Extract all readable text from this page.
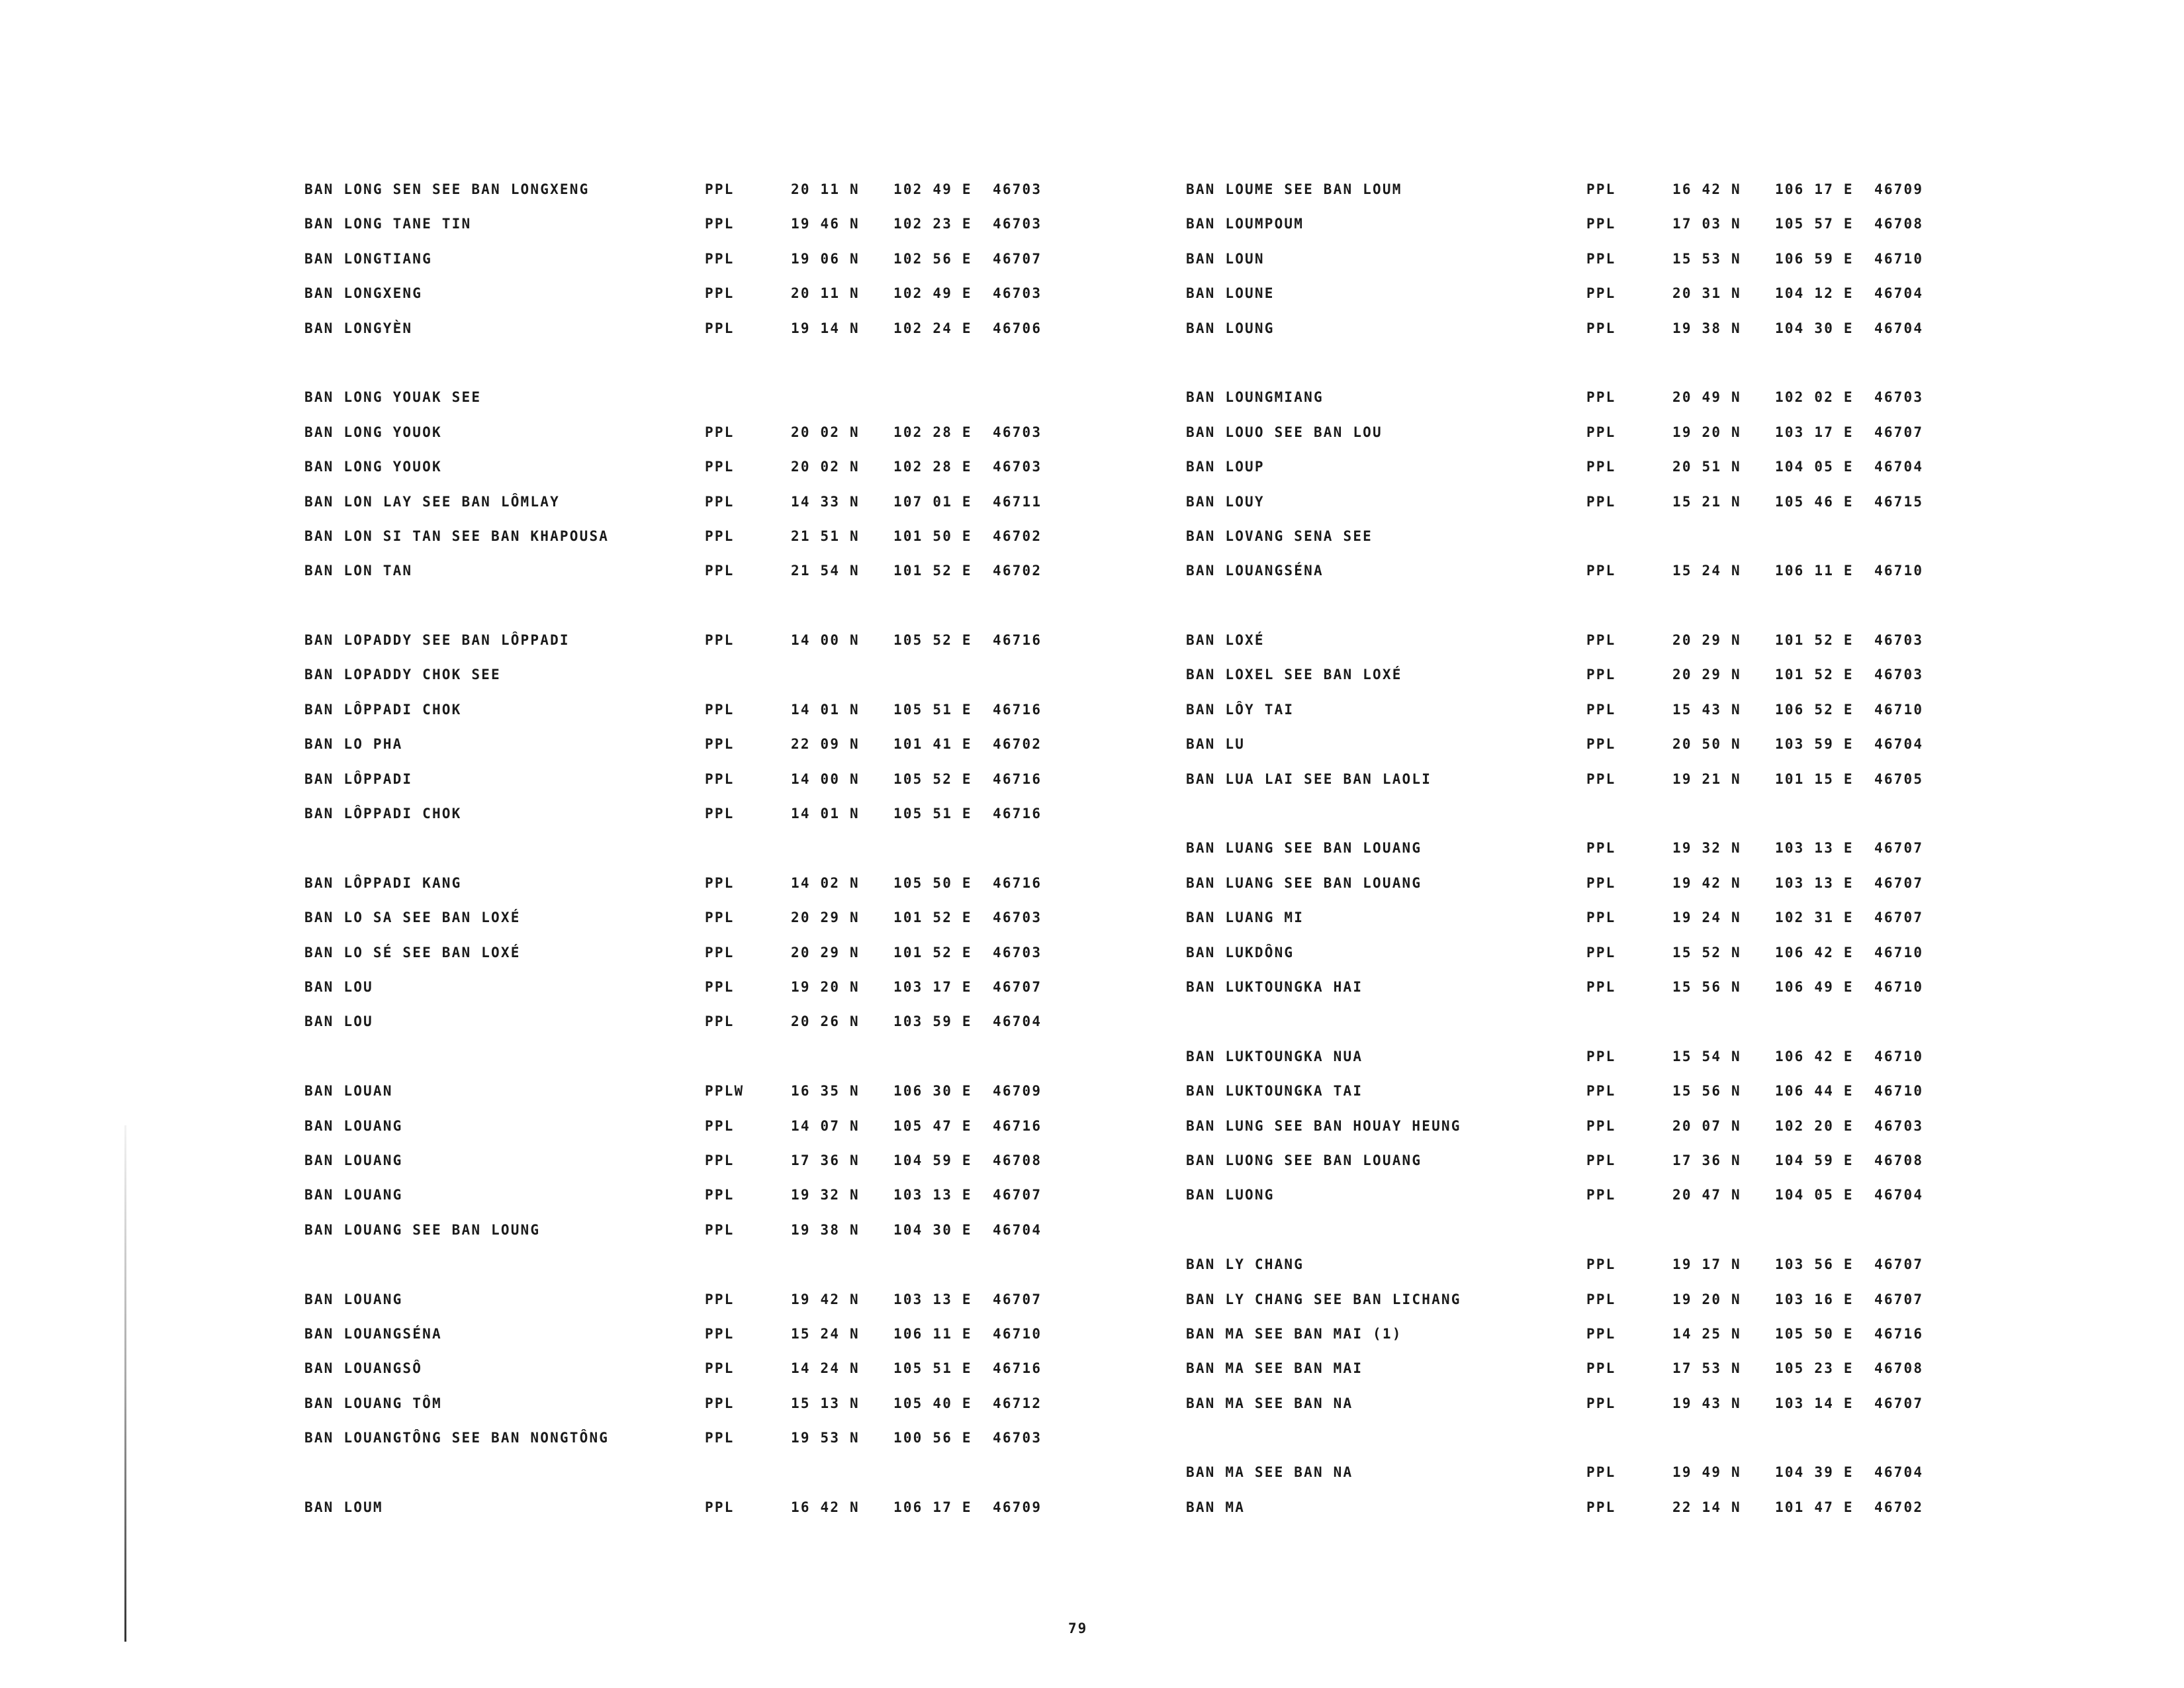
BAN LONG SEN SEE BAN LONGXENG	PPL	20 11 N 102 49 E 46703
BAN LONG TANE TIN	PPL	19 46 N 102 23 E 46703
BAN LONGTIANG	PPL	19 06 N 102 56 E 46707
BAN LONGXENG	PPL	20 11 N 102 49 E 46703
BAN LONGYÈN	PPL	19 14 N 102 24 E 46706
BAN LONG YOUAK SEE
BAN LONG YOUOK	PPL	20 02 N 102 28 E 46703
BAN LONG YOUOK	PPL	20 02 N 102 28 E 46703
BAN LON LAY SEE BAN LÔMLAY	PPL	14 33 N 107 01 E 46711
BAN LON SI TAN SEE BAN KHAPOUSA	PPL	21 51 N 101 50 E 46702
BAN LON TAN	PPL	21 54 N 101 52 E 46702
BAN LOPADDY SEE BAN LÔPPADI	PPL	14 00 N 105 52 E 46716
BAN LOPADDY CHOK SEE
BAN LÔPPADI CHOK	PPL	14 01 N 105 51 E 46716
BAN LO PHA	PPL	22 09 N 101 41 E 46702
BAN LÔPPADI	PPL	14 00 N 105 52 E 46716
BAN LÔPPADI CHOK	PPL	14 01 N 105 51 E 46716
BAN LÔPPADI KANG	PPL	14 02 N 105 50 E 46716
BAN LO SA SEE BAN LOXÉ	PPL	20 29 N 101 52 E 46703
BAN LO SÉ SEE BAN LOXÉ	PPL	20 29 N 101 52 E 46703
BAN LOU	PPL	19 20 N 103 17 E 46707
BAN LOU	PPL	20 26 N 103 59 E 46704
BAN LOUAN	PPLW	16 35 N 106 30 E 46709
BAN LOUANG	PPL	14 07 N 105 47 E 46716
BAN LOUANG	PPL	17 36 N 104 59 E 46708
BAN LOUANG	PPL	19 32 N 103 13 E 46707
BAN LOUANG SEE BAN LOUNG	PPL	19 38 N 104 30 E 46704
BAN LOUANG	PPL	19 42 N 103 13 E 46707
BAN LOUANGSÉNA	PPL	15 24 N 106 11 E 46710
BAN LOUANGSÔ	PPL	14 24 N 105 51 E 46716
BAN LOUANG TÔM	PPL	15 13 N 105 40 E 46712
BAN LOUANGTÔNG SEE BAN NONGTÔNG	PPL	19 53 N 100 56 E 46703
BAN LOUM	PPL	16 42 N 106 17 E 46709
BAN LOUME SEE BAN LOUM	PPL	16 42 N 106 17 E 46709
BAN LOUMPOUM	PPL	17 03 N 105 57 E 46708
BAN LOUN	PPL	15 53 N 106 59 E 46710
BAN LOUNE	PPL	20 31 N 104 12 E 46704
BAN LOUNG	PPL	19 38 N 104 30 E 46704
BAN LOUNGMIANG	PPL	20 49 N 102 02 E 46703
BAN LOUO SEE BAN LOU	PPL	19 20 N 103 17 E 46707
BAN LOUP	PPL	20 51 N 104 05 E 46704
BAN LOUY	PPL	15 21 N 105 46 E 46715
BAN LOVANG SENA SEE
BAN LOUANGSÉNA	PPL	15 24 N 106 11 E 46710
BAN LOXÉ	PPL	20 29 N 101 52 E 46703
BAN LOXEL SEE BAN LOXÉ	PPL	20 29 N 101 52 E 46703
BAN LÔY TAI	PPL	15 43 N 106 52 E 46710
BAN LU	PPL	20 50 N 103 59 E 46704
BAN LUA LAI SEE BAN LAOLI	PPL	19 21 N 101 15 E 46705
BAN LUANG SEE BAN LOUANG	PPL	19 32 N 103 13 E 46707
BAN LUANG SEE BAN LOUANG	PPL	19 42 N 103 13 E 46707
BAN LUANG MI	PPL	19 24 N 102 31 E 46707
BAN LUKDÔNG	PPL	15 52 N 106 42 E 46710
BAN LUKTOUNGKA HAI	PPL	15 56 N 106 49 E 46710
BAN LUKTOUNGKA NUA	PPL	15 54 N 106 42 E 46710
BAN LUKTOUNGKA TAI	PPL	15 56 N 106 44 E 46710
BAN LUNG SEE BAN HOUAY HEUNG	PPL	20 07 N 102 20 E 46703
BAN LUONG SEE BAN LOUANG	PPL	17 36 N 104 59 E 46708
BAN LUONG	PPL	20 47 N 104 05 E 46704
BAN LY CHANG	PPL	19 17 N 103 56 E 46707
BAN LY CHANG SEE BAN LICHANG	PPL	19 20 N 103 16 E 46707
BAN MA SEE BAN MAI (1)	PPL	14 25 N 105 50 E 46716
BAN MA SEE BAN MAI	PPL	17 53 N 105 23 E 46708
BAN MA SEE BAN NA	PPL	19 43 N 103 14 E 46707
BAN MA SEE BAN NA	PPL	19 49 N 104 39 E 46704
BAN MA	PPL	22 14 N 101 47 E 46702
79
